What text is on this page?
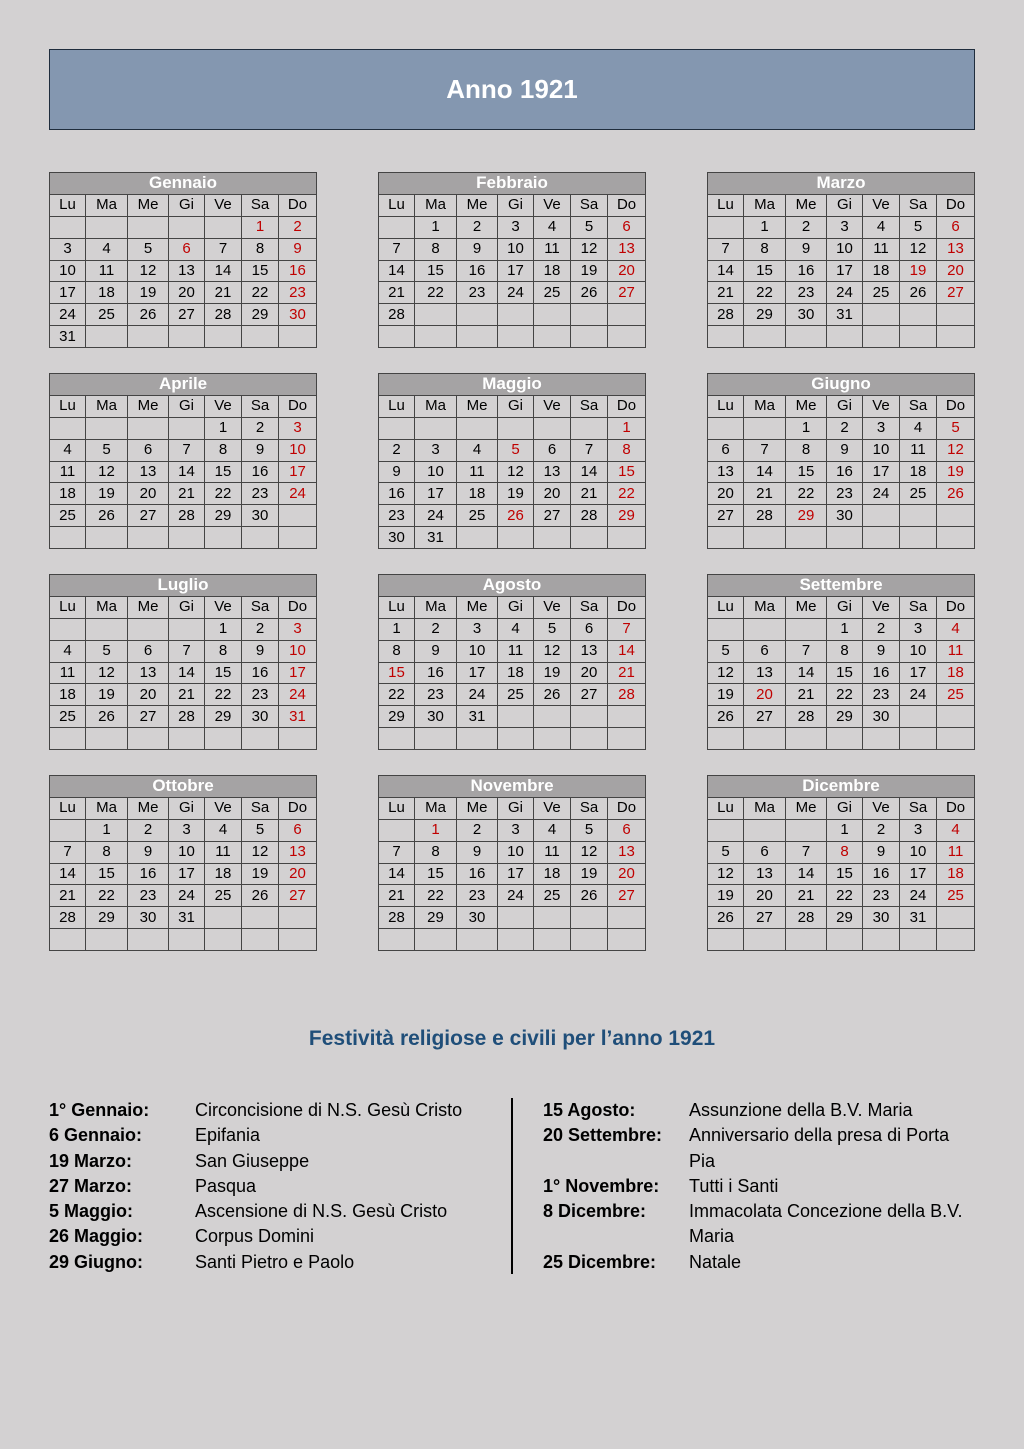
Anno 1921
Gennaio						
Lu	Ma	Me	Gi	Ve	Sa	Do
					1	2
3	4	5	6	7	8	9
10	11	12	13	14	15	16
17	18	19	20	21	22	23
24	25	26	27	28	29	30
31						
Febbraio						
Lu	Ma	Me	Gi	Ve	Sa	Do
	1	2	3	4	5	6
7	8	9	10	11	12	13
14	15	16	17	18	19	20
21	22	23	24	25	26	27
28						

Marzo						
Lu	Ma	Me	Gi	Ve	Sa	Do
	1	2	3	4	5	6
7	8	9	10	11	12	13
14	15	16	17	18	19	20
21	22	23	24	25	26	27
28	29	30	31			

Aprile						
Lu	Ma	Me	Gi	Ve	Sa	Do
				1	2	3
4	5	6	7	8	9	10
11	12	13	14	15	16	17
18	19	20	21	22	23	24
25	26	27	28	29	30	

Maggio						
Lu	Ma	Me	Gi	Ve	Sa	Do
						1
2	3	4	5	6	7	8
9	10	11	12	13	14	15
16	17	18	19	20	21	22
23	24	25	26	27	28	29
30	31					
Giugno						
Lu	Ma	Me	Gi	Ve	Sa	Do
		1	2	3	4	5
6	7	8	9	10	11	12
13	14	15	16	17	18	19
20	21	22	23	24	25	26
27	28	29	30			

Luglio						
Lu	Ma	Me	Gi	Ve	Sa	Do
				1	2	3
4	5	6	7	8	9	10
11	12	13	14	15	16	17
18	19	20	21	22	23	24
25	26	27	28	29	30	31

Agosto						
Lu	Ma	Me	Gi	Ve	Sa	Do
1	2	3	4	5	6	7
8	9	10	11	12	13	14
15	16	17	18	19	20	21
22	23	24	25	26	27	28
29	30	31				

Settembre						
Lu	Ma	Me	Gi	Ve	Sa	Do
			1	2	3	4
5	6	7	8	9	10	11
12	13	14	15	16	17	18
19	20	21	22	23	24	25
26	27	28	29	30		

Ottobre						
Lu	Ma	Me	Gi	Ve	Sa	Do
	1	2	3	4	5	6
7	8	9	10	11	12	13
14	15	16	17	18	19	20
21	22	23	24	25	26	27
28	29	30	31			

Novembre						
Lu	Ma	Me	Gi	Ve	Sa	Do
	1	2	3	4	5	6
7	8	9	10	11	12	13
14	15	16	17	18	19	20
21	22	23	24	25	26	27
28	29	30				

Dicembre						
Lu	Ma	Me	Gi	Ve	Sa	Do
			1	2	3	4
5	6	7	8	9	10	11
12	13	14	15	16	17	18
19	20	21	22	23	24	25
26	27	28	29	30	31	

Festività religiose e civili per l’anno 1921
1° Gennaio:	Circoncisione di N.S. Gesù Cristo
6 Gennaio:	Epifania
19 Marzo:	San Giuseppe
27 Marzo:	Pasqua
5 Maggio:	Ascensione di N.S. Gesù Cristo
26 Maggio:	Corpus Domini
29 Giugno:	Santi Pietro e Paolo
15 Agosto:	Assunzione della B.V. Maria
20 Settembre:	Anniversario della presa di Porta Pia
1° Novembre:	Tutti i Santi
8 Dicembre:	Immacolata Concezione della B.V. Maria
25 Dicembre:	Natale
